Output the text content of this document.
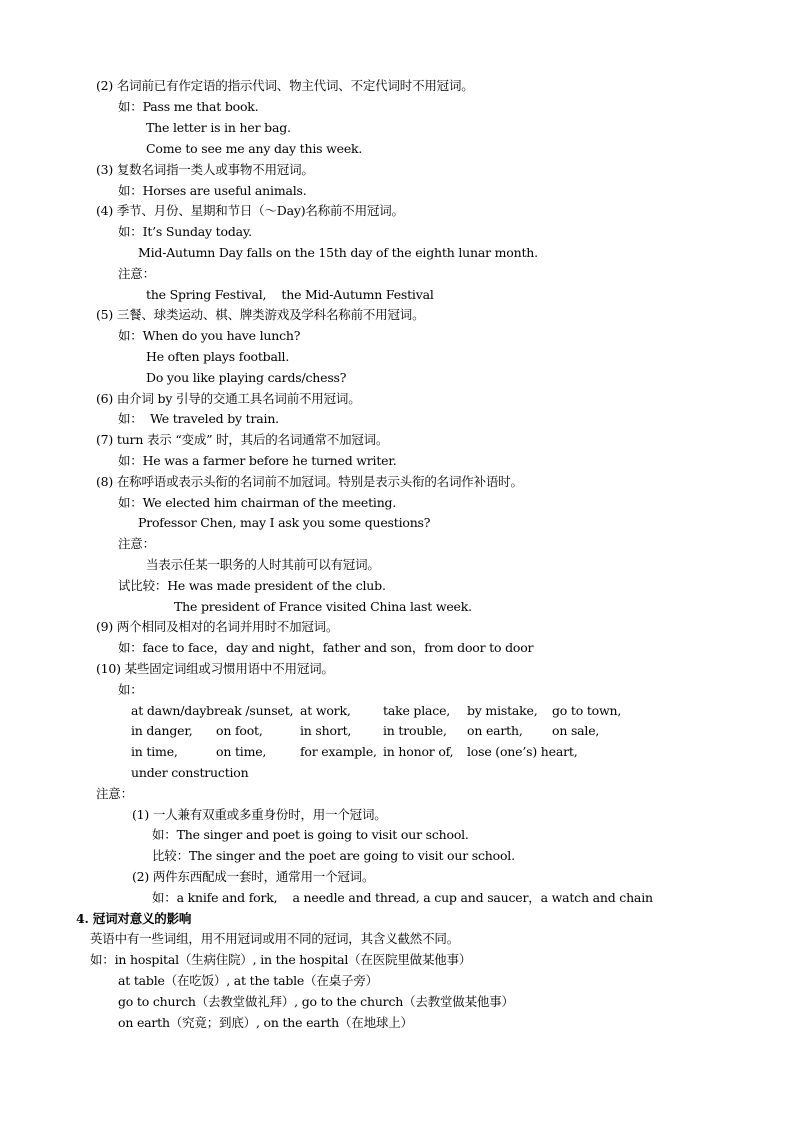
(2) 名词前已有作定语的指示代词、物主代词、不定代词时不用冠词。
如：Pass me that book.
The letter is in her bag.
Come to see me any day this week.
(3) 复数名词指一类人或事物不用冠词。
如：Horses are useful animals.
(4) 季节、月份、星期和节日（～Day)名称前不用冠词。
如：It’s Sunday today.
Mid-Autumn Day falls on the 15th day of the eighth lunar month.
注意：
the Spring Festival,    the Mid-Autumn Festival
(5) 三餐、球类运动、棋、牌类游戏及学科名称前不用冠词。
如：When do you have lunch?
He often plays football.
Do you like playing cards/chess?
(6) 由介词 by 引导的交通工具名词前不用冠词。
如：  We traveled by train.
(7) turn 表示 “变成” 时，其后的名词通常不加冠词。
如：He was a farmer before he turned writer.
(8) 在称呼语或表示头衔的名词前不加冠词。特别是表示头衔的名词作补语时。
如：We elected him chairman of the meeting.
Professor Chen, may I ask you some questions?
注意：
当表示任某一职务的人时其前可以有冠词。
试比较：He was made president of the club.
The president of France visited China last week.
(9) 两个相同及相对的名词并用时不加冠词。
如：face to face，day and night，father and son，from door to door
(10) 某些固定词组或习惯用语中不用冠词。
如：
at dawn/daybreak /sunset, at work,	take place, by mistake, go to town,
in danger, on foot,	in short,	in trouble, on earth, on sale,
in time,	on time,	for example, in honor of, lose (one’s) heart,
under construction
注意：
(1) 一人兼有双重或多重身份时，用一个冠词。
如：The singer and poet is going to visit our school.
比较：The singer and the poet are going to visit our school.
(2) 两件东西配成一套时，通常用一个冠词。
如：a knife and fork,    a needle and thread, a cup and saucer，a watch and chain
4. 冠词对意义的影响
英语中有一些词组，用不用冠词或用不同的冠词，其含义截然不同。
如：in hospital（生病住院）, in the hospital（在医院里做某他事）
at table（在吃饭）, at the table（在桌子旁）
go to church（去教堂做礼拜）, go to the church（去教堂做某他事）
on earth（究竟；到底）, on the earth（在地球上）
